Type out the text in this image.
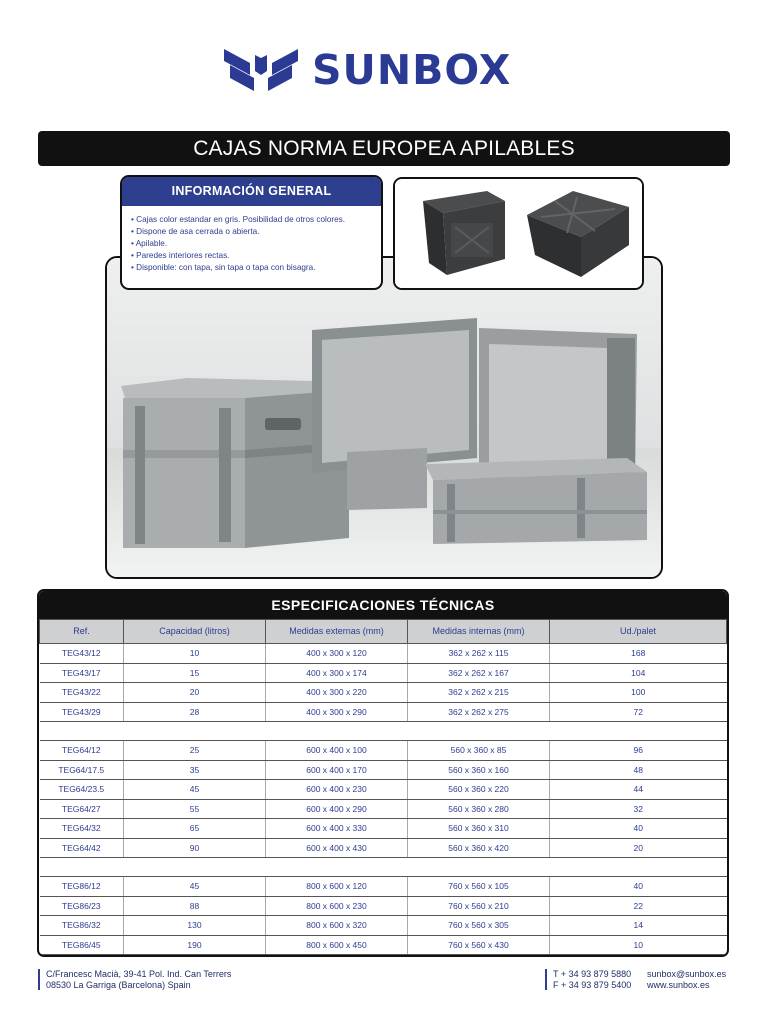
SUNBOX
CAJAS NORMA EUROPEA APILABLES
INFORMACIÓN GENERAL
• Cajas color estandar en gris. Posibilidad de otros colores.
• Dispone de asa cerrada o abierta.
• Apilable.
• Paredes interiores rectas.
• Disponible: con tapa, sin tapa o tapa con bisagra.
ESPECIFICACIONES TÉCNICAS
Ref.	Capacidad (litros)	Medidas externas (mm)	Medidas internas (mm)	Ud./palet
TEG43/12	10	400 x 300 x 120	362 x 262 x 115	168
TEG43/17	15	400 x 300 x 174	362 x 262 x 167	104
TEG43/22	20	400 x 300 x 220	362 x 262 x 215	100
TEG43/29	28	400 x 300 x 290	362 x 262 x 275	72

TEG64/12	25	600 x 400 x 100	560 x 360 x 85	96
TEG64/17.5	35	600 x 400 x 170	560 x 360 x 160	48
TEG64/23.5	45	600 x 400 x 230	560 x 360 x 220	44
TEG64/27	55	600 x 400 x 290	560 x 360 x 280	32
TEG64/32	65	600 x 400 x 330	560 x 360 x 310	40
TEG64/42	90	600 x 400 x 430	560 x 360 x 420	20

TEG86/12	45	800 x 600 x 120	760 x 560 x 105	40
TEG86/23	88	800 x 600 x 230	760 x 560 x 210	22
TEG86/32	130	800 x 600 x 320	760 x 560 x 305	14
TEG86/45	190	800 x 600 x 450	760 x 560 x 430	10
C/Francesc Macià, 39-41 Pol. Ind. Can Terrers
08530 La Garriga (Barcelona) Spain
T + 34 93 879 5880
F + 34 93 879 5400
sunbox@sunbox.es
www.sunbox.es
